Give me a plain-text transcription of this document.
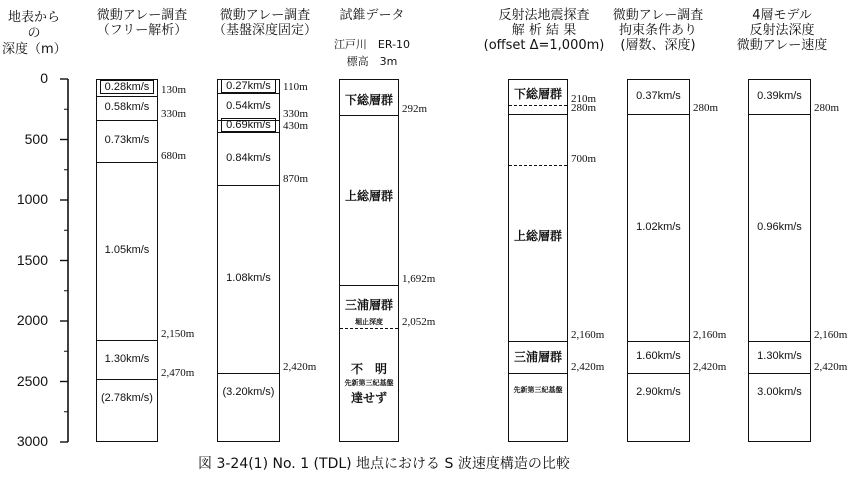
地表からの
深度（m）
0
500
1000
1500
2000
2500
3000
微動アレー調査
（フリー解析）
微動アレー調査
（基盤深度固定）
試錐データ
江戸川　ER-10
標高　3m
反射法地震探査
解 析 結 果
(offset Δ=1,000m)
微動アレー調査
拘束条件あり
(層数、深度)
4層モデル
反射法深度
微動アレー速度
0.28km/s
0.58km/s
0.73km/s
1.05km/s
1.30km/s
(2.78km/s)
130m
330m
680m
2,150m
2,470m
0.27km/s
0.54km/s
0.69km/s
0.84km/s
1.08km/s
(3.20km/s)
110m
330m
430m
870m
2,420m
下総層群
上総層群
三浦層群
不　明
堀止深度
先新第三紀基盤
達せず
292m
1,692m
2,052m
下総層群
上総層群
三浦層群
先新第三紀基盤
210m
280m
700m
2,160m
2,420m
0.37km/s
1.02km/s
1.60km/s
2.90km/s
280m
2,160m
2,420m
0.39km/s
0.96km/s
1.30km/s
3.00km/s
280m
2,160m
2,420m
図 3-24(1) No. 1 (TDL) 地点における S 波速度構造の比較
